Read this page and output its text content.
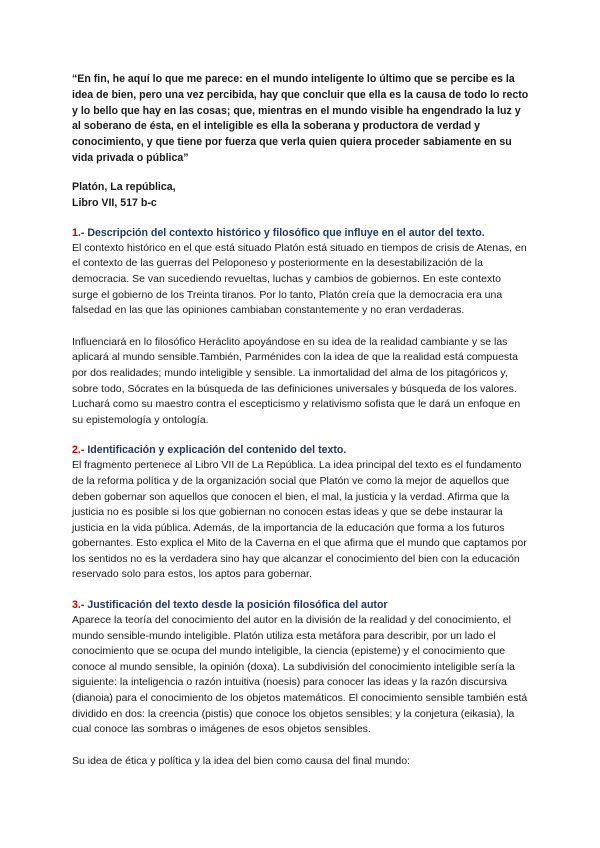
“En fin, he aquí lo que me parece: en el mundo inteligente lo último que se percibe es la idea de bien, pero una vez percibida, hay que concluir que ella es la causa de todo lo recto y lo bello que hay en las cosas; que, mientras en el mundo visible ha engendrado la luz y al soberano de ésta, en el inteligible es ella la soberana y productora de verdad y conocimiento, y que tiene por fuerza que verla quien quiera proceder sabiamente en su vida privada o pública”

Platón, La república,
Libro VII, 517 b-c

1.- Descripción del contexto histórico y filosófico que influye en el autor del texto.

El contexto histórico en el que está situado Platón está situado en tiempos de crisis de Atenas, en el contexto de las guerras del Peloponeso y posteriormente en la desestabilización de la democracia. Se van sucediendo revueltas, luchas y cambios de gobiernos. En este contexto surge el gobierno de los Treinta tiranos. Por lo tanto, Platón creía que la democracia era una falsedad en las que las opiniones cambiaban constantemente y no eran verdaderas.

Influenciará en lo filosófico Heráclito apoyándose en su idea de la realidad cambiante y se las aplicará al mundo sensible.También, Parménides con la idea de que la realidad está compuesta por dos realidades; mundo inteligible y sensible. La inmortalidad del alma de los pitagóricos y, sobre todo, Sócrates en la búsqueda de las definiciones universales y búsqueda de los valores. Luchará como su maestro contra el escepticismo y relativismo sofista que le dará un enfoque en su epistemología y ontología.

2.- Identificación y explicación del contenido del texto.

El fragmento pertenece al Libro VII de La República. La idea principal del texto es el fundamento de la reforma política y de la organización social que Platón ve como la mejor de aquellos que deben gobernar son aquellos que conocen el bien, el mal, la justicia y la verdad. Afirma que la justicia no es posible si los que gobiernan no conocen estas ideas y que se debe instaurar la justicia en la vida pública. Además, de la importancia de la educación que forma a los futuros gobernantes. Esto explica el Mito de la Caverna en el que afirma que el mundo que captamos por los sentidos no es la verdadera sino hay que alcanzar el conocimiento del bien con la educación reservado solo para estos, los aptos para gobernar.

3.- Justificación del texto desde la posición filosófica del autor

Aparece la teoría del conocimiento del autor en la división de la realidad y del conocimiento, el mundo sensible-mundo inteligible. Platón utiliza esta metáfora para describir, por un lado el conocimiento que se ocupa del mundo inteligible, la ciencia (episteme) y el conocimiento que conoce al mundo sensible, la opinión (doxa). La subdivisión del conocimiento inteligible sería la siguiente: la inteligencia o razón intuitiva (noesis) para conocer las ideas y la razón discursiva (dianoia) para el conocimiento de los objetos matemáticos. El conocimiento sensible también está dividido en dos: la creencia (pistis) que conoce los objetos sensibles; y la conjetura (eikasia), la cual conoce las sombras o imágenes de esos objetos sensibles.

Su idea de ética y política y la idea del bien como causa del final mundo:
